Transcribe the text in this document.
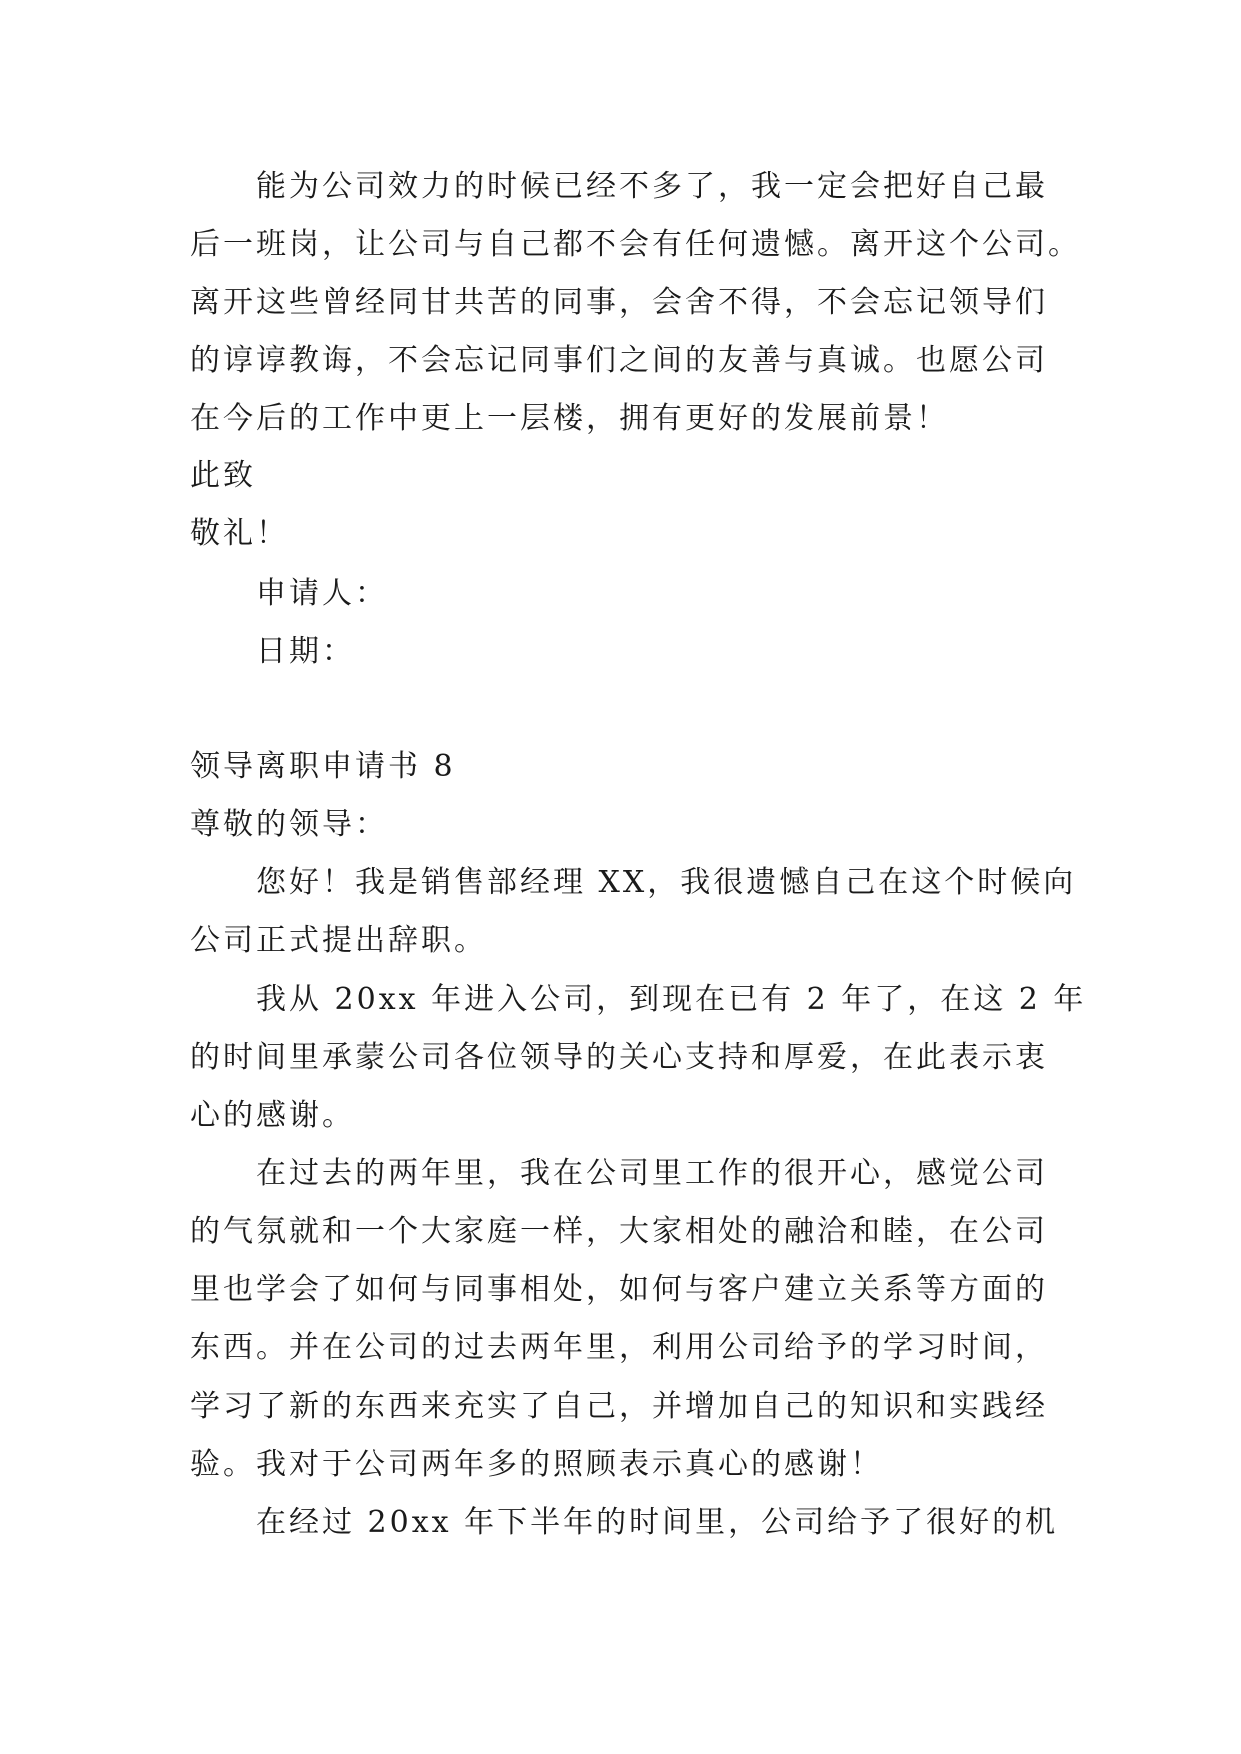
能为公司效力的时候已经不多了，我一定会把好自己最
后一班岗，让公司与自己都不会有任何遗憾。离开这个公司。
离开这些曾经同甘共苦的同事，会舍不得，不会忘记领导们
的谆谆教诲，不会忘记同事们之间的友善与真诚。也愿公司
在今后的工作中更上一层楼，拥有更好的发展前景！
此致
敬礼！
申请人：
日期：
领导离职申请书 8
尊敬的领导：
您好！我是销售部经理 XX，我很遗憾自己在这个时候向
公司正式提出辞职。
我从 20xx 年进入公司，到现在已有 2 年了，在这 2 年
的时间里承蒙公司各位领导的关心支持和厚爱，在此表示衷
心的感谢。
在过去的两年里，我在公司里工作的很开心，感觉公司
的气氛就和一个大家庭一样，大家相处的融洽和睦，在公司
里也学会了如何与同事相处，如何与客户建立关系等方面的
东西。并在公司的过去两年里，利用公司给予的学习时间，
学习了新的东西来充实了自己，并增加自己的知识和实践经
验。我对于公司两年多的照顾表示真心的感谢！
在经过 20xx 年下半年的时间里，公司给予了很好的机
